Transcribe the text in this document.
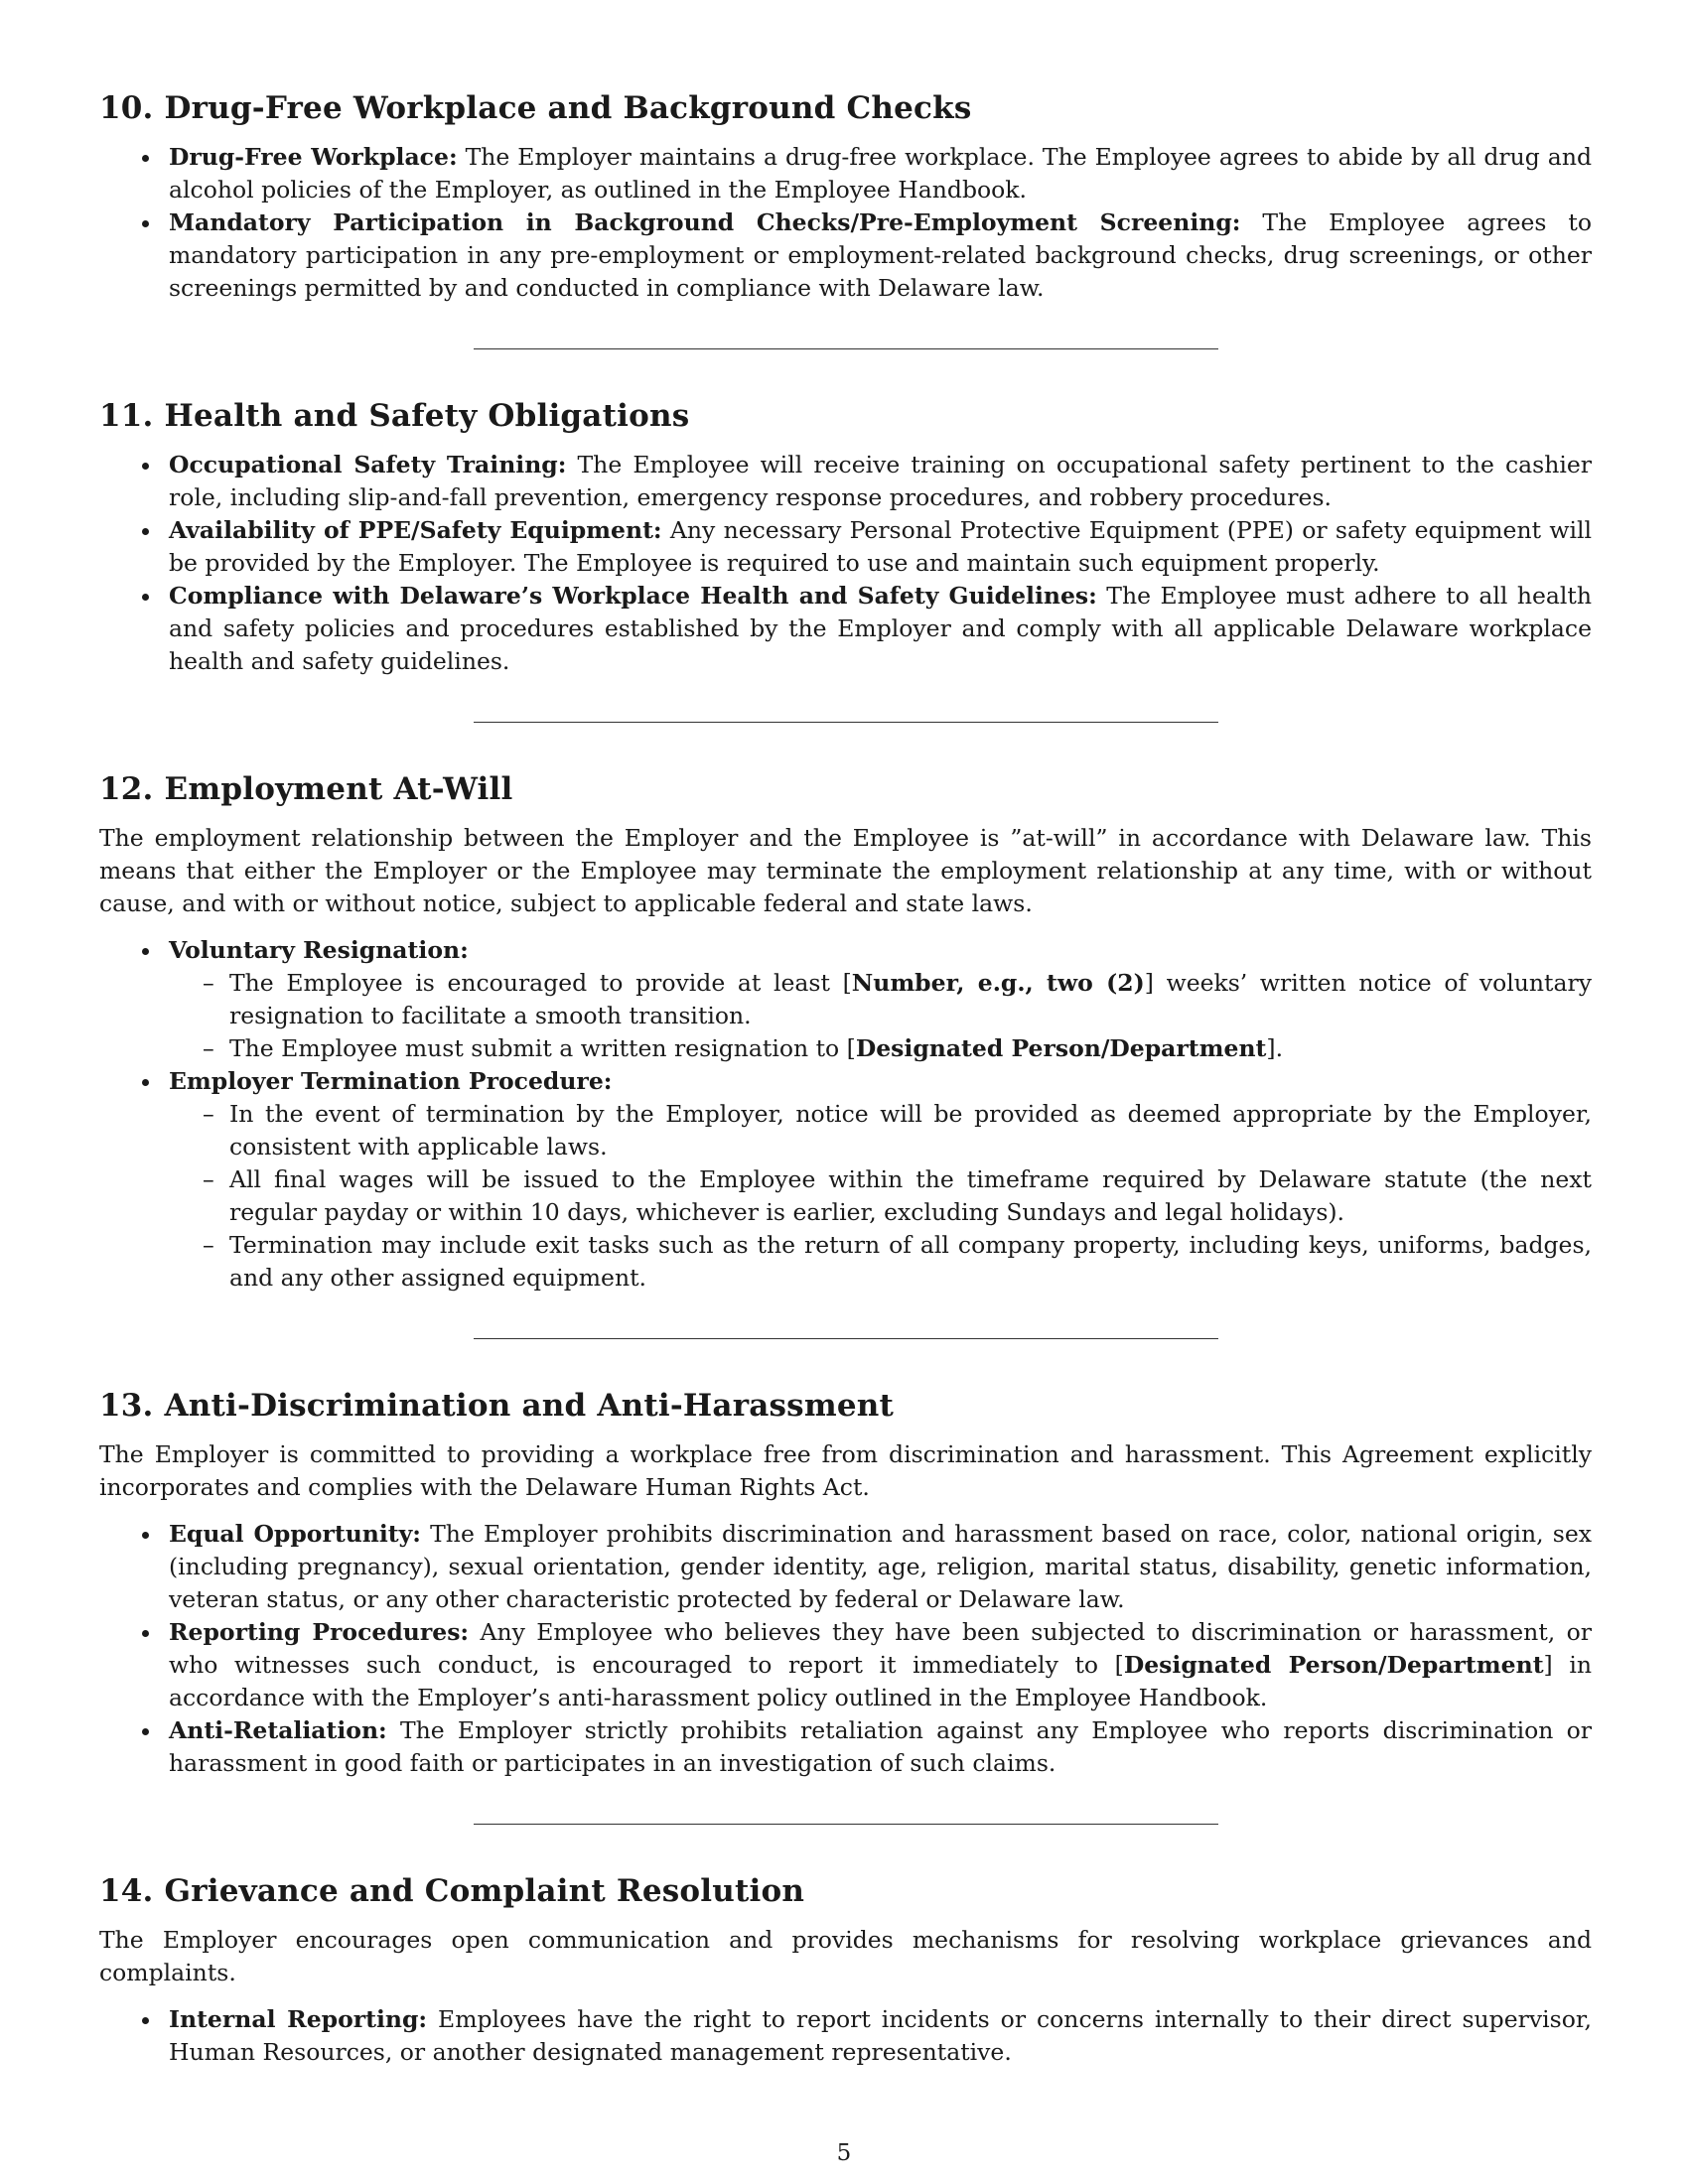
10. Drug-Free Workplace and Background Checks
Drug-Free Workplace: The Employer maintains a drug-free workplace. The Employee agrees to abide by all drug and alcohol policies of the Employer, as outlined in the Employee Handbook.
Mandatory Participation in Background Checks/Pre-Employment Screening: The Employee agrees to mandatory participation in any pre-employment or employment-related background checks, drug screenings, or other screenings permitted by and conducted in compliance with Delaware law.
11. Health and Safety Obligations
Occupational Safety Training: The Employee will receive training on occupational safety pertinent to the cashier role, including slip-and-fall prevention, emergency response procedures, and robbery procedures.
Availability of PPE/Safety Equipment: Any necessary Personal Protective Equipment (PPE) or safety equipment will be provided by the Employer. The Employee is required to use and maintain such equipment properly.
Compliance with Delaware’s Workplace Health and Safety Guidelines: The Employee must adhere to all health and safety policies and procedures established by the Employer and comply with all applicable Delaware workplace health and safety guidelines.
12. Employment At-Will

The employment relationship between the Employer and the Employee is ”at-will” in accordance with Delaware law. This means that either the Employer or the Employee may terminate the employment relationship at any time, with or without cause, and with or without notice, subject to applicable federal and state laws.

Voluntary Resignation:
– The Employee is encouraged to provide at least [Number, e.g., two (2)] weeks’ written notice of voluntary resignation to facilitate a smooth transition.
– The Employee must submit a written resignation to [Designated Person/Department].
Employer Termination Procedure:
– In the event of termination by the Employer, notice will be provided as deemed appropriate by the Employer, consistent with applicable laws.
– All final wages will be issued to the Employee within the timeframe required by Delaware statute (the next regular payday or within 10 days, whichever is earlier, excluding Sundays and legal holidays).
– Termination may include exit tasks such as the return of all company property, including keys, uniforms, badges, and any other assigned equipment.
13. Anti-Discrimination and Anti-Harassment

The Employer is committed to providing a workplace free from discrimination and harassment. This Agreement explicitly incorporates and complies with the Delaware Human Rights Act.

Equal Opportunity: The Employer prohibits discrimination and harassment based on race, color, national origin, sex (including pregnancy), sexual orientation, gender identity, age, religion, marital status, disability, genetic information, veteran status, or any other characteristic protected by federal or Delaware law.
Reporting Procedures: Any Employee who believes they have been subjected to discrimination or harassment, or who witnesses such conduct, is encouraged to report it immediately to [Designated Person/Department] in accordance with the Employer’s anti-harassment policy outlined in the Employee Handbook.
Anti-Retaliation: The Employer strictly prohibits retaliation against any Employee who reports discrimination or harassment in good faith or participates in an investigation of such claims.
14. Grievance and Complaint Resolution

The Employer encourages open communication and provides mechanisms for resolving workplace grievances and complaints.

Internal Reporting: Employees have the right to report incidents or concerns internally to their direct supervisor, Human Resources, or another designated management representative.
5
